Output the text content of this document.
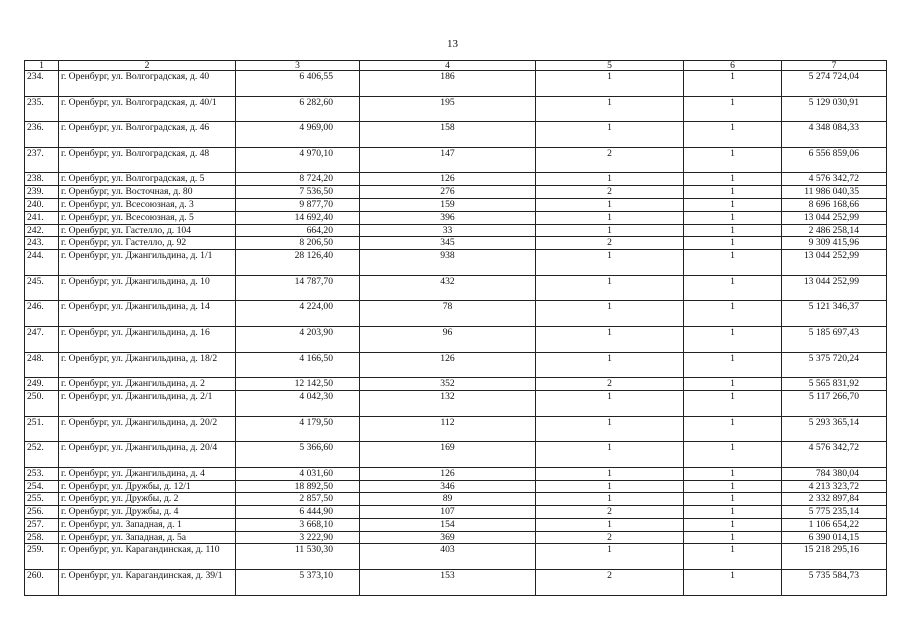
13
1	2	3	4	5	6	7
234.	г. Оренбург, ул. Волгоградская, д. 40	6 406,55	186	1	1	5 274 724,04
235.	г. Оренбург, ул. Волгоградская, д. 40/1	6 282,60	195	1	1	5 129 030,91
236.	г. Оренбург, ул. Волгоградская, д. 46	4 969,00	158	1	1	4 348 084,33
237.	г. Оренбург, ул. Волгоградская, д. 48	4 970,10	147	2	1	6 556 859,06
238.	г. Оренбург, ул. Волгоградская, д. 5	8 724,20	126	1	1	4 576 342,72
239.	г. Оренбург, ул. Восточная, д. 80	7 536,50	276	2	1	11 986 040,35
240.	г. Оренбург, ул. Всесоюзная, д. 3	9 877,70	159	1	1	8 696 168,66
241.	г. Оренбург, ул. Всесоюзная, д. 5	14 692,40	396	1	1	13 044 252,99
242.	г. Оренбург, ул. Гастелло, д. 104	664,20	33	1	1	2 486 258,14
243.	г. Оренбург, ул. Гастелло, д. 92	8 206,50	345	2	1	9 309 415,96
244.	г. Оренбург, ул. Джангильдина, д. 1/1	28 126,40	938	1	1	13 044 252,99
245.	г. Оренбург, ул. Джангильдина, д. 10	14 787,70	432	1	1	13 044 252,99
246.	г. Оренбург, ул. Джангильдина, д. 14	4 224,00	78	1	1	5 121 346,37
247.	г. Оренбург, ул. Джангильдина, д. 16	4 203,90	96	1	1	5 185 697,43
248.	г. Оренбург, ул. Джангильдина, д. 18/2	4 166,50	126	1	1	5 375 720,24
249.	г. Оренбург, ул. Джангильдина, д. 2	12 142,50	352	2	1	5 565 831,92
250.	г. Оренбург, ул. Джангильдина, д. 2/1	4 042,30	132	1	1	5 117 266,70
251.	г. Оренбург, ул. Джангильдина, д. 20/2	4 179,50	112	1	1	5 293 365,14
252.	г. Оренбург, ул. Джангильдина, д. 20/4	5 366,60	169	1	1	4 576 342,72
253.	г. Оренбург, ул. Джангильдина, д. 4	4 031,60	126	1	1	784 380,04
254.	г. Оренбург, ул. Дружбы, д. 12/1	18 892,50	346	1	1	4 213 323,72
255.	г. Оренбург, ул. Дружбы, д. 2	2 857,50	89	1	1	2 332 897,84
256.	г. Оренбург, ул. Дружбы, д. 4	6 444,90	107	2	1	5 775 235,14
257.	г. Оренбург, ул. Западная, д. 1	3 668,10	154	1	1	1 106 654,22
258.	г. Оренбург, ул. Западная, д. 5а	3 222,90	369	2	1	6 390 014,15
259.	г. Оренбург, ул. Карагандинская, д. 110	11 530,30	403	1	1	15 218 295,16
260.	г. Оренбург, ул. Карагандинская, д. 39/1	5 373,10	153	2	1	5 735 584,73
